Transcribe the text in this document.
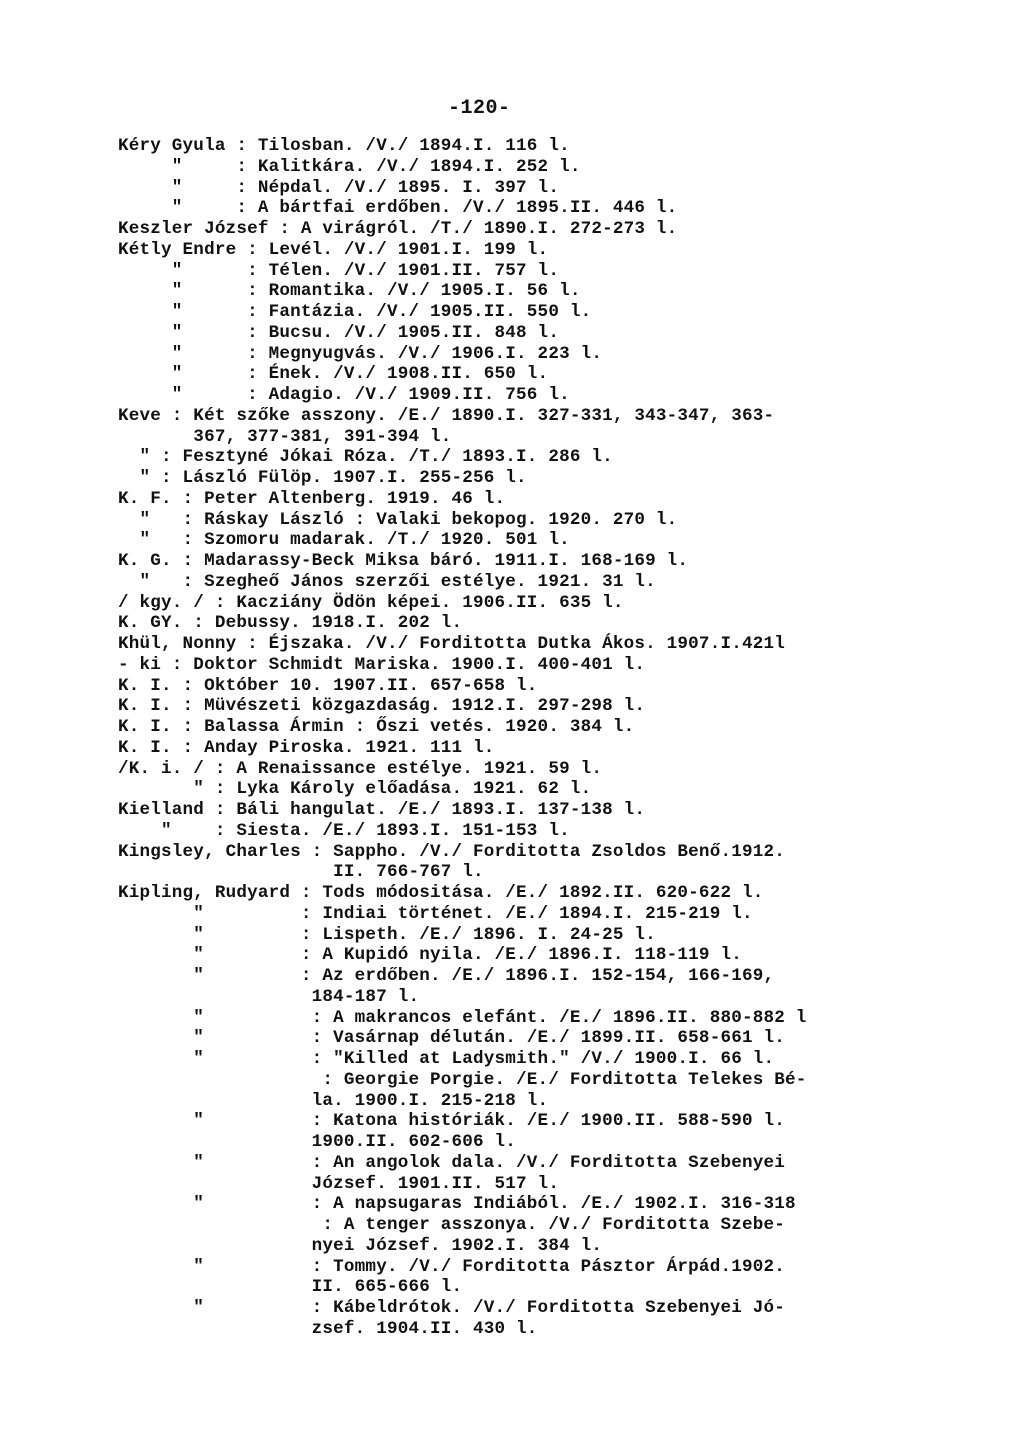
-120-
Kéry Gyula : Tilosban. /V./ 1894.I. 116 l.
"     : Kalitkára. /V./ 1894.I. 252 l.
"     : Népdal. /V./ 1895. I. 397 l.
"     : A bártfai erdőben. /V./ 1895.II. 446 l.
Keszler József : A virágról. /T./ 1890.I. 272-273 l.
Kétly Endre : Levél. /V./ 1901.I. 199 l.
"      : Télen. /V./ 1901.II. 757 l.
"      : Romantika. /V./ 1905.I. 56 l.
"      : Fantázia. /V./ 1905.II. 550 l.
"      : Bucsu. /V./ 1905.II. 848 l.
"      : Megnyugvás. /V./ 1906.I. 223 l.
"      : Ének. /V./ 1908.II. 650 l.
"      : Adagio. /V./ 1909.II. 756 l.
Keve : Két szőke asszony. /E./ 1890.I. 327-331, 343-347, 363-
367, 377-381, 391-394 l.
" : Fesztyné Jókai Róza. /T./ 1893.I. 286 l.
" : László Fülöp. 1907.I. 255-256 l.
K. F. : Peter Altenberg. 1919. 46 l.
"   : Ráskay László : Valaki bekopog. 1920. 270 l.
"   : Szomoru madarak. /T./ 1920. 501 l.
K. G. : Madarassy-Beck Miksa báró. 1911.I. 168-169 l.
"   : Szegheő János szerzői estélye. 1921. 31 l.
/ kgy. / : Kacziány Ödön képei. 1906.II. 635 l.
K. GY. : Debussy. 1918.I. 202 l.
Khül, Nonny : Éjszaka. /V./ Forditotta Dutka Ákos. 1907.I.421l
- ki : Doktor Schmidt Mariska. 1900.I. 400-401 l.
K. I. : Október 10. 1907.II. 657-658 l.
K. I. : Müvészeti közgazdaság. 1912.I. 297-298 l.
K. I. : Balassa Ármin : Őszi vetés. 1920. 384 l.
K. I. : Anday Piroska. 1921. 111 l.
/K. i. / : A Renaissance estélye. 1921. 59 l.
" : Lyka Károly előadása. 1921. 62 l.
Kielland : Báli hangulat. /E./ 1893.I. 137-138 l.
"    : Siesta. /E./ 1893.I. 151-153 l.
Kingsley, Charles : Sappho. /V./ Forditotta Zsoldos Benő.1912.
II. 766-767 l.
Kipling, Rudyard : Tods módositása. /E./ 1892.II. 620-622 l.
"         : Indiai történet. /E./ 1894.I. 215-219 l.
"         : Lispeth. /E./ 1896. I. 24-25 l.
"         : A Kupidó nyila. /E./ 1896.I. 118-119 l.
"         : Az erdőben. /E./ 1896.I. 152-154, 166-169,
184-187 l.
"          : A makrancos elefánt. /E./ 1896.II. 880-882 l
"          : Vasárnap délután. /E./ 1899.II. 658-661 l.
"          : "Killed at Ladysmith." /V./ 1900.I. 66 l.
: Georgie Porgie. /E./ Forditotta Telekes Bé-
la. 1900.I. 215-218 l.
"          : Katona históriák. /E./ 1900.II. 588-590 l.
1900.II. 602-606 l.
"          : An angolok dala. /V./ Forditotta Szebenyei
József. 1901.II. 517 l.
"          : A napsugaras Indiából. /E./ 1902.I. 316-318
: A tenger asszonya. /V./ Forditotta Szebe-
nyei József. 1902.I. 384 l.
"          : Tommy. /V./ Forditotta Pásztor Árpád.1902.
II. 665-666 l.
"          : Kábeldrótok. /V./ Forditotta Szebenyei Jó-
zsef. 1904.II. 430 l.
